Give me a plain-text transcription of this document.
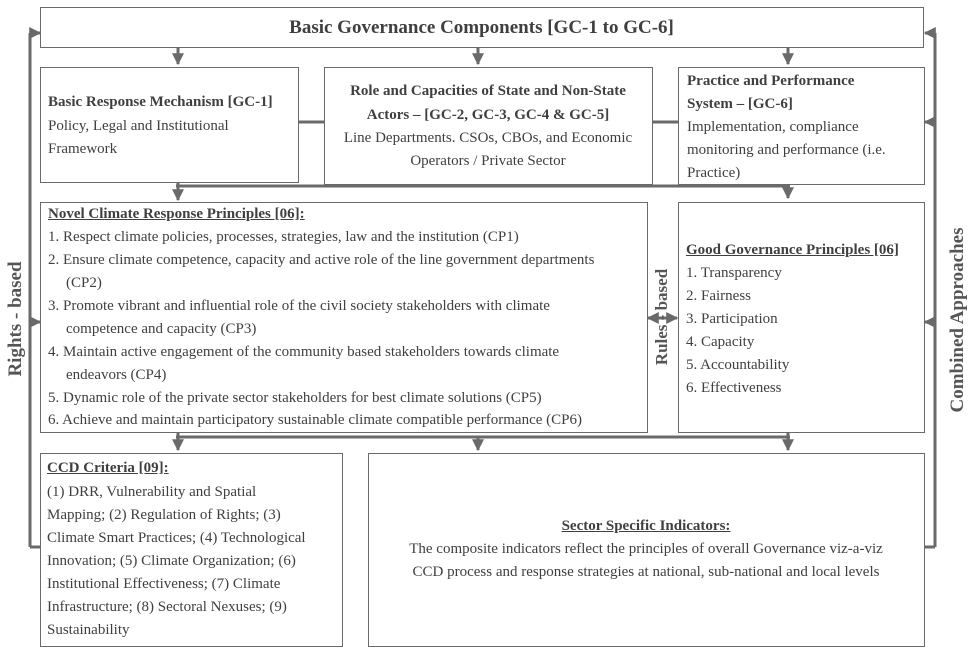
Basic Governance Components [GC-1 to GC-6]
Basic Response Mechanism [GC-1]
Policy, Legal and Institutional
Framework
Role and Capacities of State and Non-State
Actors – [GC-2, GC-3, GC-4 & GC-5]
Line Departments. CSOs, CBOs, and Economic
Operators / Private Sector
Practice and Performance
System – [GC-6]
Implementation, compliance
monitoring and performance (i.e.
Practice)
Novel Climate Response Principles [06]:
1. Respect climate policies, processes, strategies, law and the institution (CP1)
2. Ensure climate competence, capacity and active role of the line government departments
(CP2)
3. Promote vibrant and influential role of the civil society stakeholders with climate
competence and capacity (CP3)
4. Maintain active engagement of the community based stakeholders towards climate
endeavors (CP4)
5. Dynamic role of the private sector stakeholders for best climate solutions (CP5)
6. Achieve and maintain participatory sustainable climate compatible performance (CP6)
Good Governance Principles [06]
1. Transparency
2. Fairness
3. Participation
4. Capacity
5. Accountability
6. Effectiveness
CCD Criteria [09]:
(1) DRR, Vulnerability and Spatial
Mapping; (2) Regulation of Rights; (3)
Climate Smart Practices; (4) Technological
Innovation; (5) Climate Organization; (6)
Institutional Effectiveness; (7) Climate
Infrastructure; (8) Sectoral Nexuses; (9)
Sustainability
Sector Specific Indicators:
The composite indicators reflect the principles of overall Governance viz-a-viz
CCD process and response strategies at national, sub-national and local levels
Rights - based	Rules - based	Combined Approaches
